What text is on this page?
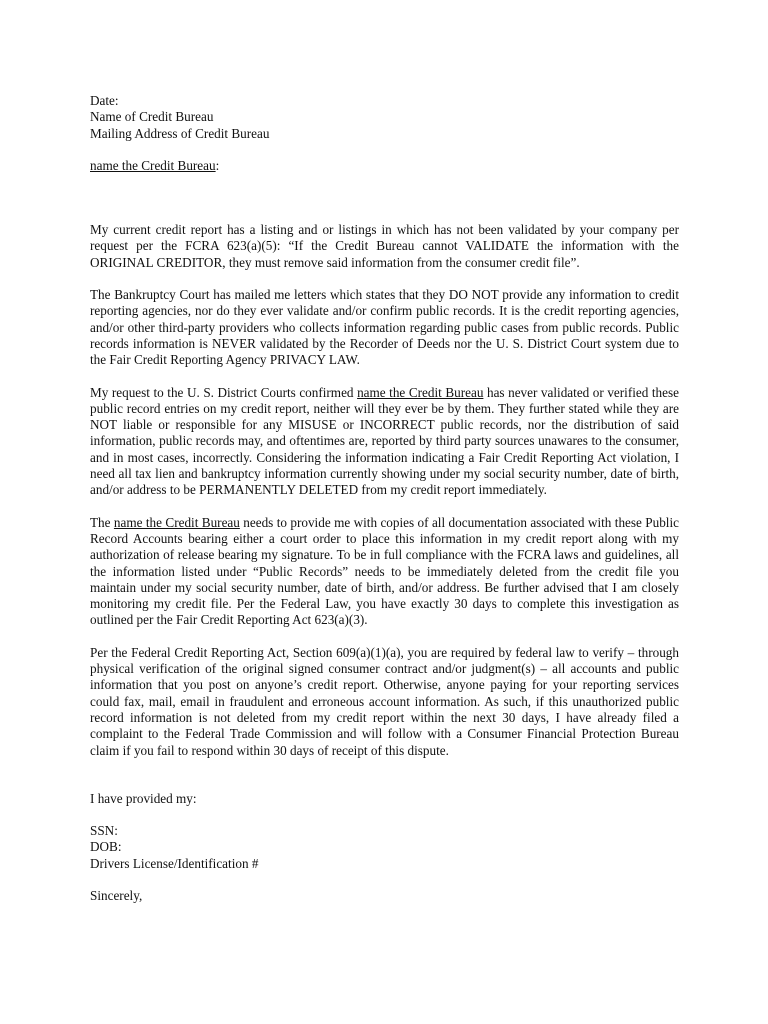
Date:
Name of Credit Bureau
Mailing Address of Credit Bureau
name the Credit Bureau:

My current credit report has a listing and or listings in which has not been validated by your company per request per the FCRA 623(a)(5): “If the Credit Bureau cannot VALIDATE the information with the ORIGINAL CREDITOR, they must remove said information from the consumer credit file”.

The Bankruptcy Court has mailed me letters which states that they DO NOT provide any information to credit reporting agencies, nor do they ever validate and/or confirm public records. It is the credit reporting agencies, and/or other third-party providers who collects information regarding public cases from public records. Public records information is NEVER validated by the Recorder of Deeds nor the U. S. District Court system due to the Fair Credit Reporting Agency PRIVACY LAW.

My request to the U. S. District Courts confirmed name the Credit Bureau has never validated or verified these public record entries on my credit report, neither will they ever be by them. They further stated while they are NOT liable or responsible for any MISUSE or INCORRECT public records, nor the distribution of said information, public records may, and oftentimes are, reported by third party sources unawares to the consumer, and in most cases, incorrectly. Considering the information indicating a Fair Credit Reporting Act violation, I need all tax lien and bankruptcy information currently showing under my social security number, date of birth, and/or address to be PERMANENTLY DELETED from my credit report immediately.

The name the Credit Bureau needs to provide me with copies of all documentation associated with these Public Record Accounts bearing either a court order to place this information in my credit report along with my authorization of release bearing my signature. To be in full compliance with the FCRA laws and guidelines, all the information listed under “Public Records” needs to be immediately deleted from the credit file you maintain under my social security number, date of birth, and/or address. Be further advised that I am closely monitoring my credit file. Per the Federal Law, you have exactly 30 days to complete this investigation as outlined per the Fair Credit Reporting Act 623(a)(3).

Per the Federal Credit Reporting Act, Section 609(a)(1)(a), you are required by federal law to verify – through physical verification of the original signed consumer contract and/or judgment(s) – all accounts and public information that you post on anyone’s credit report. Otherwise, anyone paying for your reporting services could fax, mail, email in fraudulent and erroneous account information. As such, if this unauthorized public record information is not deleted from my credit report within the next 30 days, I have already filed a complaint to the Federal Trade Commission and will follow with a Consumer Financial Protection Bureau claim if you fail to respond within 30 days of receipt of this dispute.

I have provided my:
SSN:
DOB:
Drivers License/Identification #
Sincerely,
